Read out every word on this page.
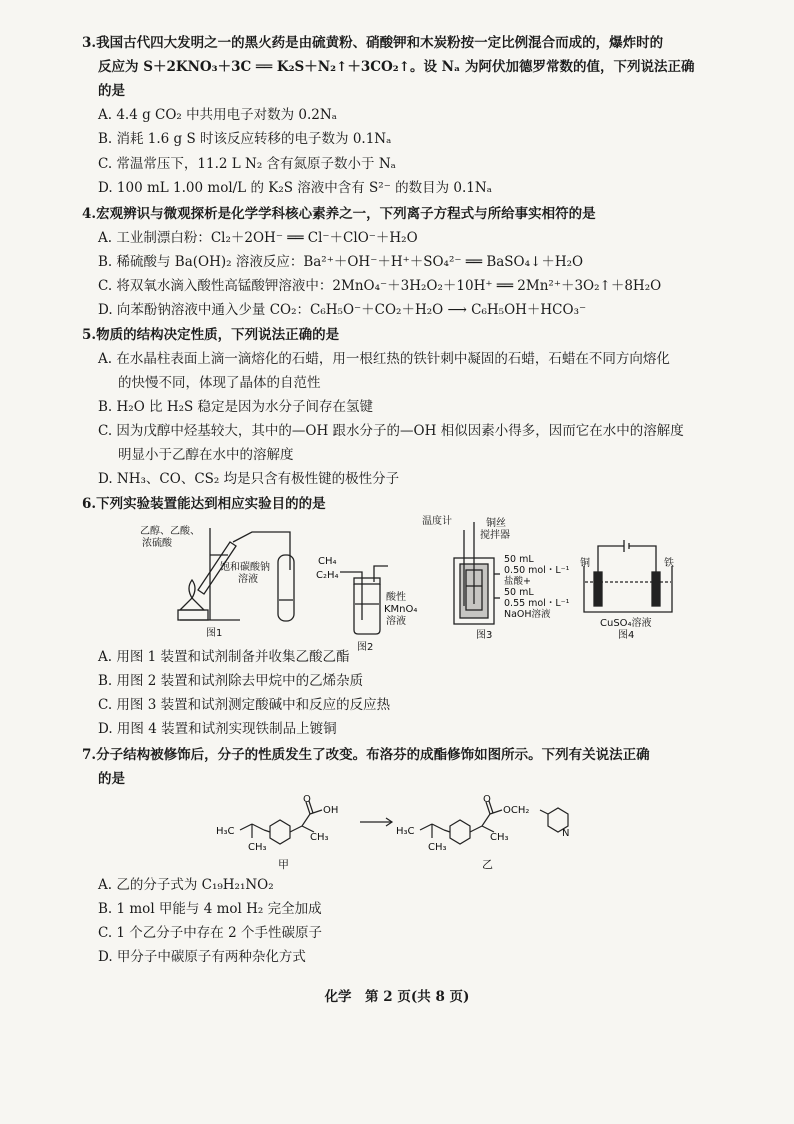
3.我国古代四大发明之一的黑火药是由硫黄粉、硝酸钾和木炭粉按一定比例混合而成的，爆炸时的
反应为 S＋2KNO₃＋3C ══ K₂S＋N₂↑＋3CO₂↑。设 Nₐ 为阿伏加德罗常数的值，下列说法正确
的是
A. 4.4 g CO₂ 中共用电子对数为 0.2Nₐ
B. 消耗 1.6 g S 时该反应转移的电子数为 0.1Nₐ
C. 常温常压下，11.2 L N₂ 含有氮原子数小于 Nₐ
D. 100 mL 1.00 mol/L 的 K₂S 溶液中含有 S²⁻ 的数目为 0.1Nₐ
4.宏观辨识与微观探析是化学学科核心素养之一，下列离子方程式与所给事实相符的是
A. 工业制漂白粉：Cl₂＋2OH⁻ ══ Cl⁻＋ClO⁻＋H₂O
B. 稀硫酸与 Ba(OH)₂ 溶液反应：Ba²⁺＋OH⁻＋H⁺＋SO₄²⁻ ══ BaSO₄↓＋H₂O
C. 将双氧水滴入酸性高锰酸钾溶液中：2MnO₄⁻＋3H₂O₂＋10H⁺ ══ 2Mn²⁺＋3O₂↑＋8H₂O
D. 向苯酚钠溶液中通入少量 CO₂：C₆H₅O⁻＋CO₂＋H₂O ⟶ C₆H₅OH＋HCO₃⁻
5.物质的结构决定性质，下列说法正确的是
A. 在水晶柱表面上滴一滴熔化的石蜡，用一根红热的铁针刺中凝固的石蜡，石蜡在不同方向熔化
的快慢不同，体现了晶体的自范性
B. H₂O 比 H₂S 稳定是因为水分子间存在氢键
C. 因为戊醇中烃基较大，其中的—OH 跟水分子的—OH 相似因素小得多，因而它在水中的溶解度
明显小于乙醇在水中的溶解度
D. NH₃、CO、CS₂ 均是只含有极性键的极性分子
6.下列实验装置能达到相应实验目的的是
乙醇、乙酸、
浓硫酸
饱和碳酸钠
溶液
图1
CH₄
C₂H₄
酸性
KMnO₄
溶液
图2
温度计	铜丝
搅拌器
50 mL
0.50 mol・L⁻¹
盐酸+
50 mL
0.55 mol・L⁻¹
NaOH溶液
图3
铜	铁
CuSO₄溶液
图4
A. 用图 1 装置和试剂制备并收集乙酸乙酯
B. 用图 2 装置和试剂除去甲烷中的乙烯杂质
C. 用图 3 装置和试剂测定酸碱中和反应的反应热
D. 用图 4 装置和试剂实现铁制品上镀铜
7.分子结构被修饰后，分子的性质发生了改变。布洛芬的成酯修饰如图所示。下列有关说法正确
的是
H₃C
CH₃
O
OH
CH₃
H₃C
CH₃
O
OCH₂
CH₃	N
甲	乙
A. 乙的分子式为 C₁₉H₂₁NO₂
B. 1 mol 甲能与 4 mol H₂ 完全加成
C. 1 个乙分子中存在 2 个手性碳原子
D. 甲分子中碳原子有两种杂化方式
化学　第 2 页(共 8 页)
